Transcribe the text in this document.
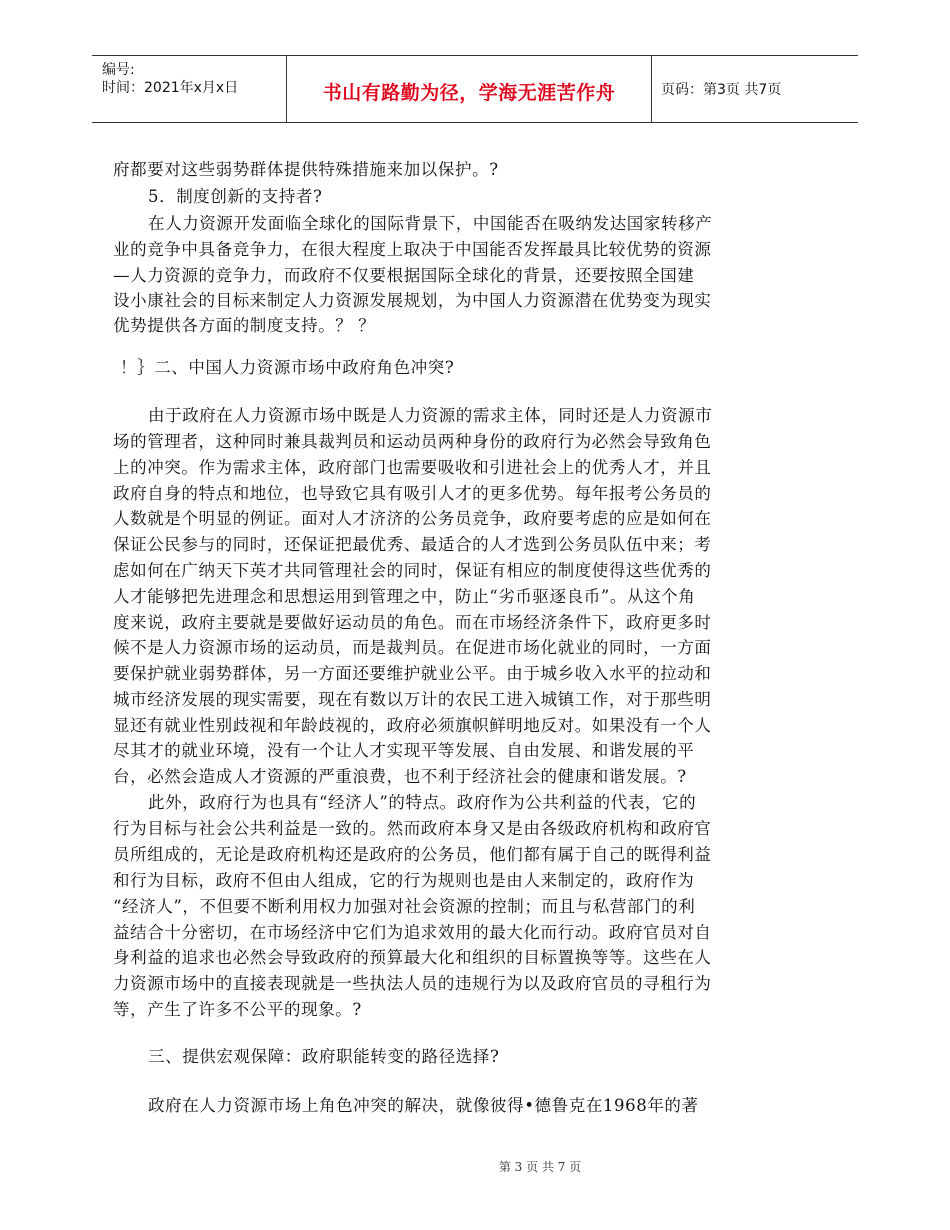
编号:
时间：2021年x月x日	书山有路勤为径，学海无涯苦作舟	页码：第3页 共7页
府都要对这些弱势群体提供特殊措施来加以保护。?
5．制度创新的支持者?
在人力资源开发面临全球化的国际背景下，中国能否在吸纳发达国家转移产
业的竞争中具备竞争力，在很大程度上取决于中国能否发挥最具比较优势的资源
—人力资源的竞争力，而政府不仅要根据国际全球化的背景，还要按照全国建
设小康社会的目标来制定人力资源发展规划，为中国人力资源潜在优势变为现实
优势提供各方面的制度支持。？ ？
！｝二、中国人力资源市场中政府角色冲突?
由于政府在人力资源市场中既是人力资源的需求主体，同时还是人力资源市
场的管理者，这种同时兼具裁判员和运动员两种身份的政府行为必然会导致角色
上的冲突。作为需求主体，政府部门也需要吸收和引进社会上的优秀人才，并且
政府自身的特点和地位，也导致它具有吸引人才的更多优势。每年报考公务员的
人数就是个明显的例证。面对人才济济的公务员竞争，政府要考虑的应是如何在
保证公民参与的同时，还保证把最优秀、最适合的人才选到公务员队伍中来；考
虑如何在广纳天下英才共同管理社会的同时，保证有相应的制度使得这些优秀的
人才能够把先进理念和思想运用到管理之中，防止“劣币驱逐良币”。从这个角
度来说，政府主要就是要做好运动员的角色。而在市场经济条件下，政府更多时
候不是人力资源市场的运动员，而是裁判员。在促进市场化就业的同时，一方面
要保护就业弱势群体，另一方面还要维护就业公平。由于城乡收入水平的拉动和
城市经济发展的现实需要，现在有数以万计的农民工进入城镇工作，对于那些明
显还有就业性别歧视和年龄歧视的，政府必须旗帜鲜明地反对。如果没有一个人
尽其才的就业环境，没有一个让人才实现平等发展、自由发展、和谐发展的平
台，必然会造成人才资源的严重浪费，也不利于经济社会的健康和谐发展。?
此外，政府行为也具有“经济人”的特点。政府作为公共利益的代表，它的
行为目标与社会公共利益是一致的。然而政府本身又是由各级政府机构和政府官
员所组成的，无论是政府机构还是政府的公务员，他们都有属于自己的既得利益
和行为目标，政府不但由人组成，它的行为规则也是由人来制定的，政府作为
“经济人”，不但要不断利用权力加强对社会资源的控制；而且与私营部门的利
益结合十分密切，在市场经济中它们为追求效用的最大化而行动。政府官员对自
身利益的追求也必然会导致政府的预算最大化和组织的目标置换等等。这些在人
力资源市场中的直接表现就是一些执法人员的违规行为以及政府官员的寻租行为
等，产生了许多不公平的现象。?
三、提供宏观保障：政府职能转变的路径选择?
政府在人力资源市场上角色冲突的解决，就像彼得•德鲁克在1968年的著
第 3 页 共 7 页
